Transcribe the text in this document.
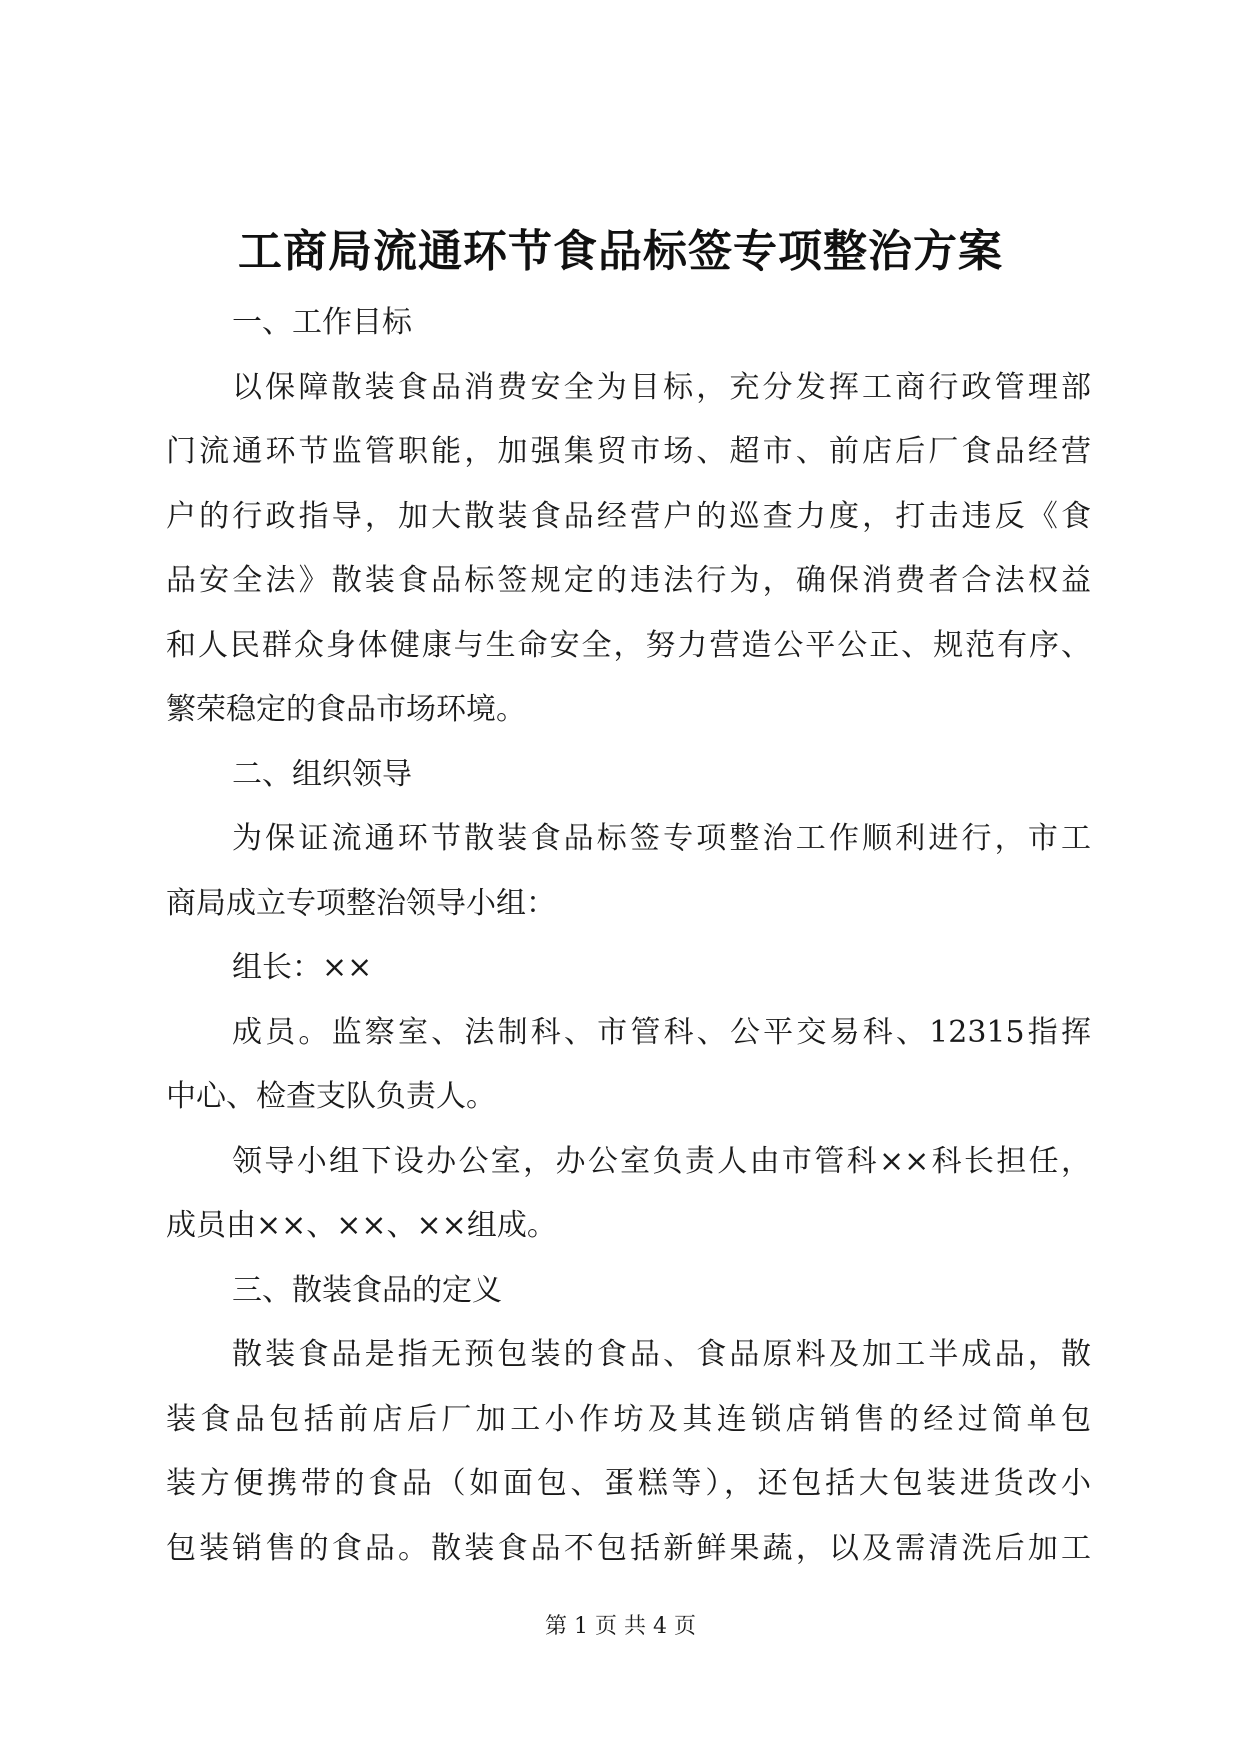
工商局流通环节食品标签专项整治方案
一、工作目标
以保障散装食品消费安全为目标，充分发挥工商行政管理部
门流通环节监管职能，加强集贸市场、超市、前店后厂食品经营
户的行政指导，加大散装食品经营户的巡查力度，打击违反《食
品安全法》散装食品标签规定的违法行为，确保消费者合法权益
和人民群众身体健康与生命安全，努力营造公平公正、规范有序、
繁荣稳定的食品市场环境。
二、组织领导
为保证流通环节散装食品标签专项整治工作顺利进行，市工
商局成立专项整治领导小组：
组长：××
成员。监察室、法制科、市管科、公平交易科、12315指挥
中心、检查支队负责人。
领导小组下设办公室，办公室负责人由市管科××科长担任，
成员由××、××、××组成。
三、散装食品的定义
散装食品是指无预包装的食品、食品原料及加工半成品，散
装食品包括前店后厂加工小作坊及其连锁店销售的经过简单包
装方便携带的食品（如面包、蛋糕等），还包括大包装进货改小
包装销售的食品。散装食品不包括新鲜果蔬，以及需清洗后加工
第 1 页 共 4 页
